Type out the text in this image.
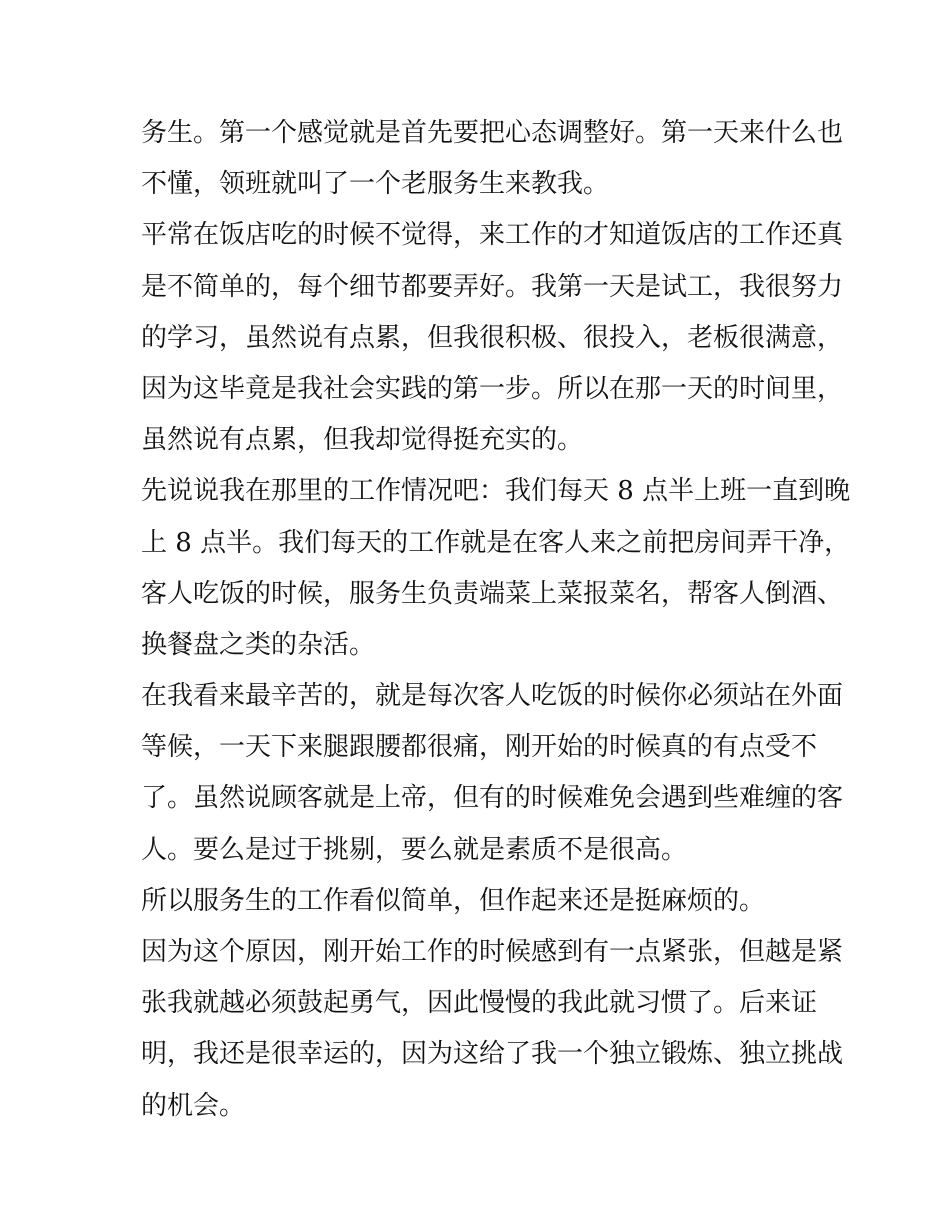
务生。第一个感觉就是首先要把心态调整好。第一天来什么也
不懂，领班就叫了一个老服务生来教我。
平常在饭店吃的时候不觉得，来工作的才知道饭店的工作还真
是不简单的，每个细节都要弄好。我第一天是试工，我很努力
的学习，虽然说有点累，但我很积极、很投入，老板很满意，
因为这毕竟是我社会实践的第一步。所以在那一天的时间里，
虽然说有点累，但我却觉得挺充实的。
先说说我在那里的工作情况吧：我们每天 8 点半上班一直到晚
上 8 点半。我们每天的工作就是在客人来之前把房间弄干净，
客人吃饭的时候，服务生负责端菜上菜报菜名，帮客人倒酒、
换餐盘之类的杂活。
在我看来最辛苦的，就是每次客人吃饭的时候你必须站在外面
等候，一天下来腿跟腰都很痛，刚开始的时候真的有点受不
了。虽然说顾客就是上帝，但有的时候难免会遇到些难缠的客
人。要么是过于挑剔，要么就是素质不是很高。
所以服务生的工作看似简单，但作起来还是挺麻烦的。
因为这个原因，刚开始工作的时候感到有一点紧张，但越是紧
张我就越必须鼓起勇气，因此慢慢的我此就习惯了。后来证
明，我还是很幸运的，因为这给了我一个独立锻炼、独立挑战
的机会。
